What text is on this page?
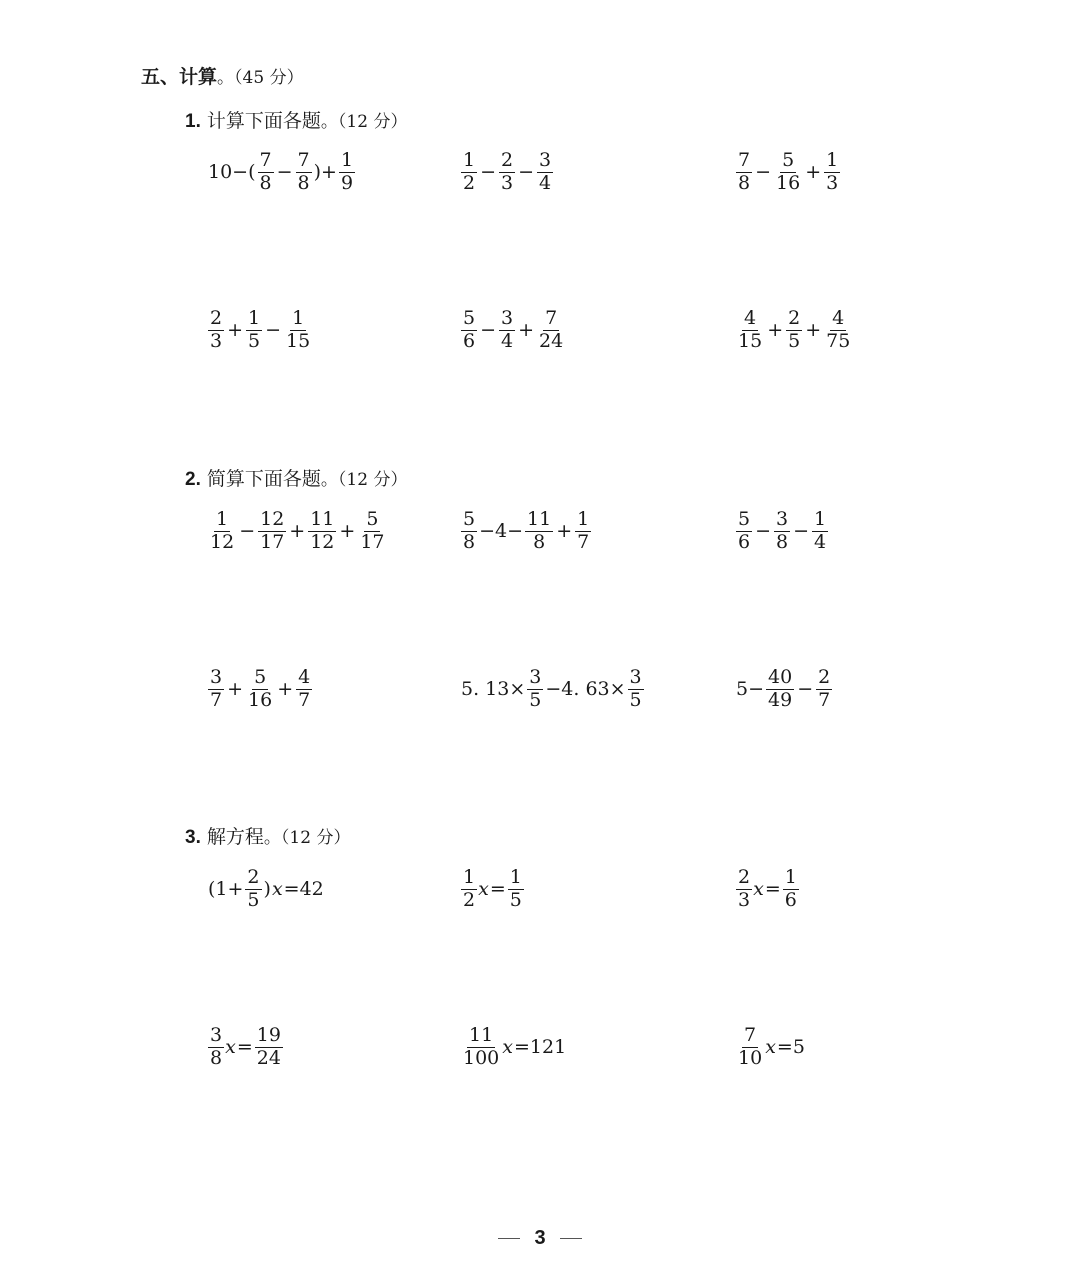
五、计算。（45 分）
1. 计算下面各题。（12 分）
$10-( \frac{7}{8} - \frac{7}{8}$ )+ $\frac{1}{9}$	$\frac{1}{2} - \frac{2}{3} - \frac{3}{4}$	$\frac{7}{8} - \frac{5}{16} + \frac{1}{3}$
$\frac{2}{3} + \frac{1}{5} - \frac{1}{15}$	$\frac{5}{6} - \frac{3}{4} + \frac{7}{24}$	$\frac{4}{15} + \frac{2}{5} + \frac{4}{75}$
2. 简算下面各题。（12 分）
$\frac{1}{12} - \frac{12}{17} + \frac{11}{12} + \frac{5}{17}$	$\frac{5}{8} -4- \frac{11}{8} + \frac{1}{7}$	$\frac{5}{6} - \frac{3}{8} - \frac{1}{4}$
$\frac{3}{7} + \frac{5}{16} + \frac{4}{7}$	5. $13\times \frac{3}{5} -4$. $63\times \frac{3}{5}$	$5- \frac{40}{49} - \frac{2}{7}$
3. 解方程。（12 分）
($1+ \frac{2}{5}$ ) x =42	$\frac{1}{2}$ $x = \frac{1}{5}$	$\frac{2}{3}$ $x = \frac{1}{6}$
$\frac{3}{8}$ $x = \frac{19}{24}$	$\frac{11}{100}$ x =121	$\frac{7}{10}$ x =5
3
